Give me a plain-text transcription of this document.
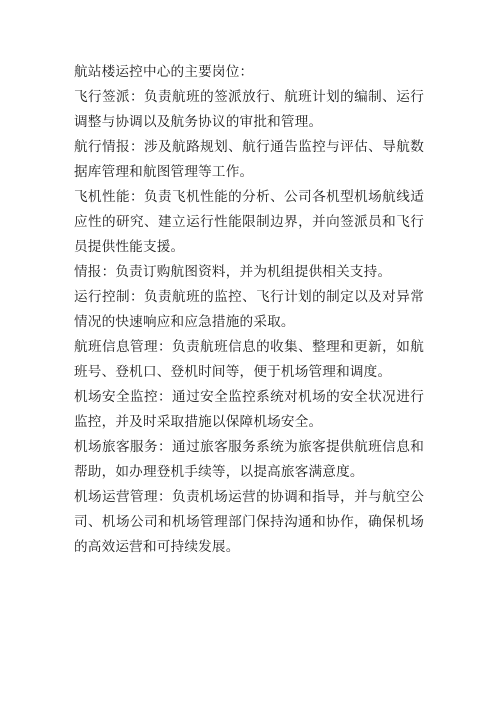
航站楼运控中心的主要岗位：

飞行签派：负责航班的签派放行、航班计划的编制、运行调整与协调以及航务协议的审批和管理。

航行情报：涉及航路规划、航行通告监控与评估、导航数据库管理和航图管理等工作。

飞机性能：负责飞机性能的分析、公司各机型机场航线适应性的研究、建立运行性能限制边界，并向签派员和飞行员提供性能支援。

情报：负责订购航图资料，并为机组提供相关支持。

运行控制：负责航班的监控、飞行计划的制定以及对异常情况的快速响应和应急措施的采取。

航班信息管理：负责航班信息的收集、整理和更新，如航班号、登机口、登机时间等，便于机场管理和调度。

机场安全监控：通过安全监控系统对机场的安全状况进行监控，并及时采取措施以保障机场安全。

机场旅客服务：通过旅客服务系统为旅客提供航班信息和帮助，如办理登机手续等，以提高旅客满意度。

机场运营管理：负责机场运营的协调和指导，并与航空公司、机场公司和机场管理部门保持沟通和协作，确保机场的高效运营和可持续发展。
